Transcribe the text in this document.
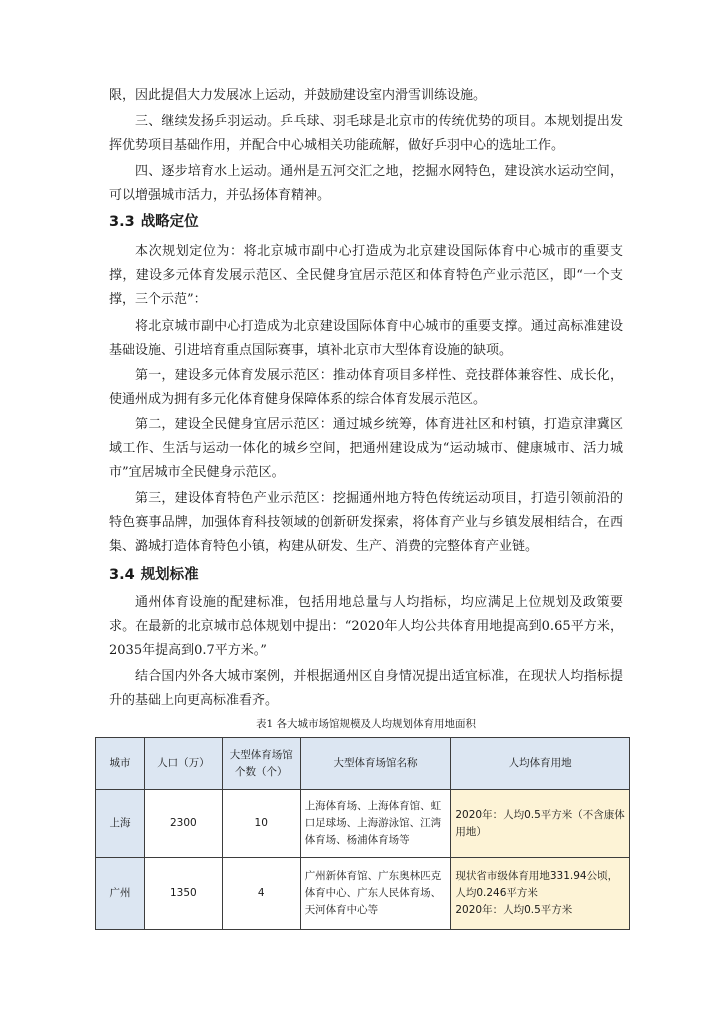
限，因此提倡大力发展冰上运动，并鼓励建设室内滑雪训练设施。

三、继续发扬乒羽运动。乒乓球、羽毛球是北京市的传统优势的项目。本规划提出发挥优势项目基础作用，并配合中心城相关功能疏解，做好乒羽中心的选址工作。

四、逐步培育水上运动。通州是五河交汇之地，挖掘水网特色，建设滨水运动空间，可以增强城市活力，并弘扬体育精神。

3.3 战略定位

本次规划定位为：将北京城市副中心打造成为北京建设国际体育中心城市的重要支撑，建设多元体育发展示范区、全民健身宜居示范区和体育特色产业示范区，即“一个支撑，三个示范”：

将北京城市副中心打造成为北京建设国际体育中心城市的重要支撑。通过高标准建设基础设施、引进培育重点国际赛事，填补北京市大型体育设施的缺项。

第一，建设多元体育发展示范区：推动体育项目多样性、竞技群体兼容性、成长化，使通州成为拥有多元化体育健身保障体系的综合体育发展示范区。

第二，建设全民健身宜居示范区：通过城乡统筹，体育进社区和村镇，打造京津冀区域工作、生活与运动一体化的城乡空间，把通州建设成为“运动城市、健康城市、活力城市”宜居城市全民健身示范区。

第三，建设体育特色产业示范区：挖掘通州地方特色传统运动项目，打造引领前沿的特色赛事品牌，加强体育科技领域的创新研发探索，将体育产业与乡镇发展相结合，在西集、潞城打造体育特色小镇，构建从研发、生产、消费的完整体育产业链。

3.4 规划标准

通州体育设施的配建标准，包括用地总量与人均指标，均应满足上位规划及政策要求。在最新的北京城市总体规划中提出：“2020年人均公共体育用地提高到0.65平方米，2035年提高到0.7平方米。”

结合国内外各大城市案例，并根据通州区自身情况提出适宜标准，在现状人均指标提升的基础上向更高标准看齐。

表1 各大城市场馆规模及人均规划体育用地面积

城市	人口（万）	大型体育场馆个数（个）	大型体育场馆名称	人均体育用地
上海	2300	10	上海体育场、上海体育馆、虹口足球场、上海游泳馆、江湾体育场、杨浦体育场等	2020年：人均0.5平方米（不含康体用地）

广州	1350	4	广州新体育馆、广东奥林匹克体育中心、广东人民体育场、天河体育中心等	现状省市级体育用地331.94公顷，人均0.246平方米
2020年：人均0.5平方米
